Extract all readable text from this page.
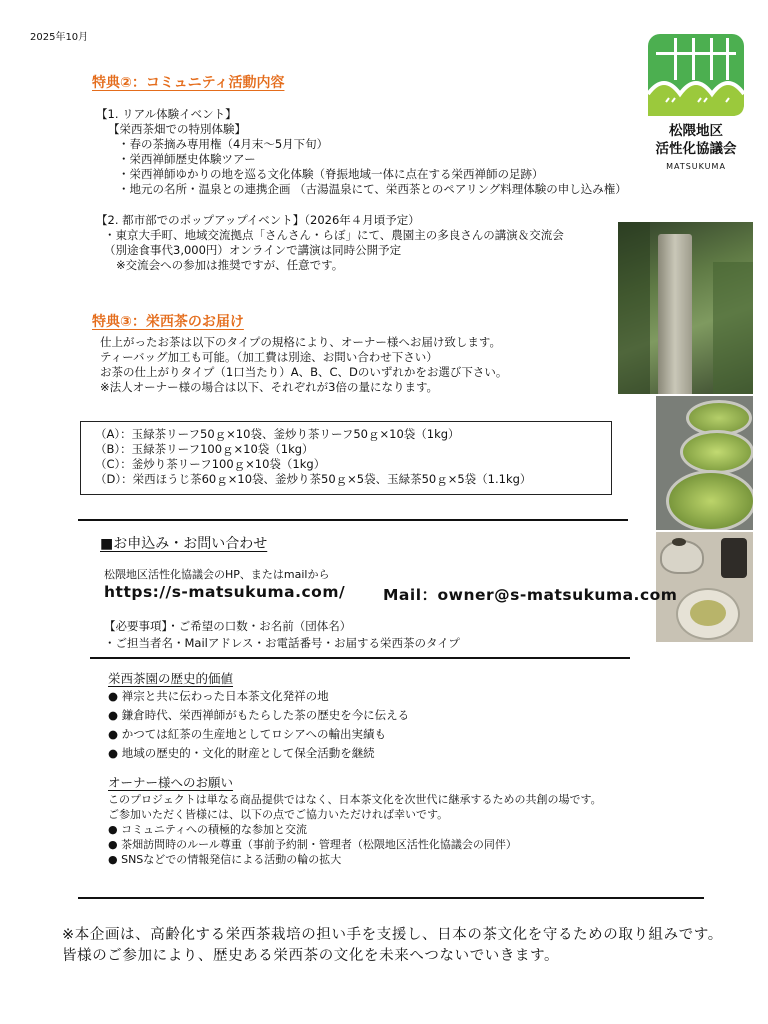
2025年10月
松隈地区
活性化協議会
MATSUKUMA
特典②：コミュニティ活動内容
【1. リアル体験イベント】
【栄西茶畑での特別体験】
・春の茶摘み専用権（4月末～5月下旬）
・栄西禅師歴史体験ツアー
・栄西禅師ゆかりの地を巡る文化体験（脊振地域一体に点在する栄西禅師の足跡）
・地元の名所・温泉との連携企画 （古湯温泉にて、栄西茶とのペアリング料理体験の申し込み権）
【2. 都市部でのポップアップイベント】（2026年４月頃予定）
・東京大手町、地域交流拠点「さんさん・らぼ」にて、農園主の多良さんの講演＆交流会
（別途食事代3,000円）オンラインで講演は同時公開予定
※交流会への参加は推奨ですが、任意です。
特典③：栄西茶のお届け
仕上がったお茶は以下のタイプの規格により、オーナー様へお届け致します。
ティーバッグ加工も可能。（加工費は別途、お問い合わせ下さい）
お茶の仕上がりタイプ（1口当たり）A、B、C、Dのいずれかをお選び下さい。
※法人オーナー様の場合は以下、それぞれが3倍の量になります。
（A）：玉緑茶リーフ50ｇ×10袋、釜炒り茶リーフ50ｇ×10袋（1kg）
（B）：玉緑茶リーフ100ｇ×10袋（1kg）
（C）：釜炒り茶リーフ100ｇ×10袋（1kg）
（D）：栄西ほうじ茶60ｇ×10袋、釜炒り茶50ｇ×5袋、玉緑茶50ｇ×5袋（1.1kg）
■お申込み・お問い合わせ
松隈地区活性化協議会のHP、またはmailから
https://s-matsukuma.com/ Mail：owner@s-matsukuma.com
【必要事項】・ご希望の口数・お名前（団体名）
・ご担当者名・Mailアドレス・お電話番号・お届する栄西茶のタイプ
栄西茶園の歴史的価値
● 禅宗と共に伝わった日本茶文化発祥の地
● 鎌倉時代、栄西禅師がもたらした茶の歴史を今に伝える
● かつては紅茶の生産地としてロシアへの輸出実績も
● 地域の歴史的・文化的財産として保全活動を継続
オーナー様へのお願い
このプロジェクトは単なる商品提供ではなく、日本茶文化を次世代に継承するための共創の場です。
ご参加いただく皆様には、以下の点でご協力いただければ幸いです。
● コミュニティへの積極的な参加と交流
● 茶畑訪問時のルール尊重（事前予約制・管理者（松隈地区活性化協議会の同伴）
● SNSなどでの情報発信による活動の輪の拡大
※本企画は、高齢化する栄西茶栽培の担い手を支援し、日本の茶文化を守るための取り組みです。
皆様のご参加により、歴史ある栄西茶の文化を未来へつないでいきます。
